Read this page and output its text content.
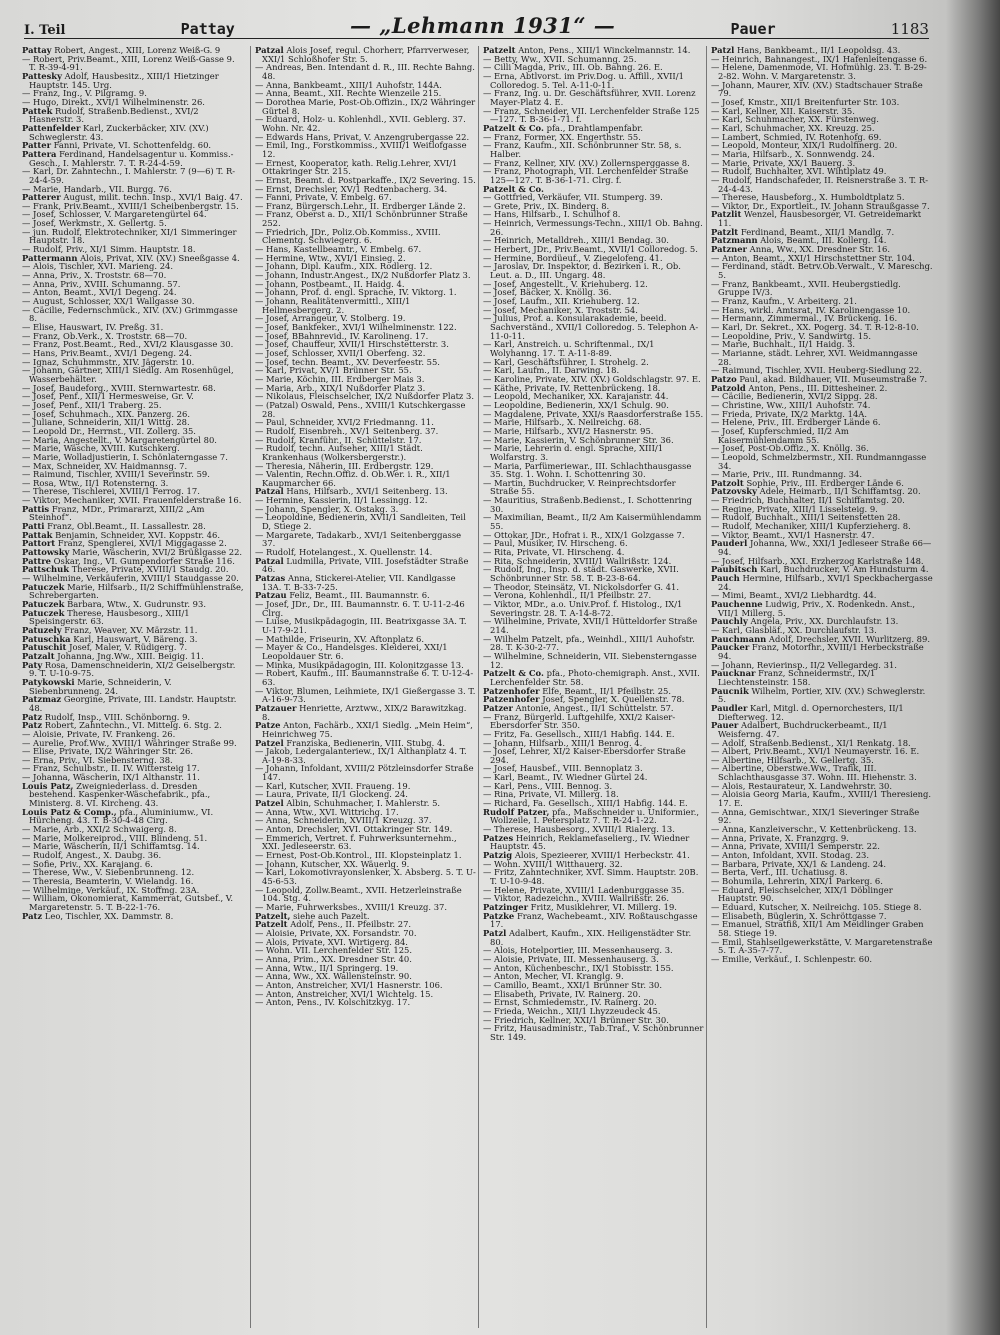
I. Teil	Pattay	— „Lehmann 1931“ —	Pauer	1183

Pattay Robert, Angest., XIII, Lorenz Weiß-G. 9

— Robert, Priv.Beamt., XIII, Lorenz Weiß-Gasse 9. T. R-39-4-91.

Pattesky Adolf, Hausbesitz., XIII/1 Hietzinger Hauptstr. 145. Urg.

— Franz, Ing., V. Pilgramg. 9.

— Hugo, Direkt., XVI/1 Wilhelminenstr. 26.

Pattek Rudolf, Straßenb.Bedienst., XVI/2 Hasnerstr. 3.

Pattenfelder Karl, Zuckerbäcker, XIV. (XV.) Schweglerstr. 43.

Patter Fanni, Private, VI. Schottenfeldg. 60.

Pattera Ferdinand, Handelsagentur u. Kommiss.-Gesch., I. Mahlerstr. 7. T. R-24-4-59.

— Karl, Dr. Zahntechn., I. Mahlerstr. 7 (9—6) T. R-24-4-59.

— Marie, Handarb., VII. Burgg. 76.

Patterer August, milit. techn. Insp., XVI/1 Baig. 47.

— Frank, Priv.Beamt., XVIII/1 Scheibenbergstr. 15.

— Josef, Schlosser, V. Margaretengürtel 64.

— Josef, Werkmstr., X. Gellertg. 5.

— jun. Rudolf, Elektrotechniker, XI/1 Simmeringer Hauptstr. 18.

— Rudolf, Priv., XI/1 Simm. Hauptstr. 18.

Pattermann Alois, Privat, XIV. (XV.) Sneeßgasse 4.

— Alois, Tischler, XVI. Marieng. 24.

— Anna, Priv., X. Troststr. 68—70.

— Anna, Priv., XVIII. Schumanng. 57.

— Anton, Beamt., XVI/1 Degeng. 24.

— August, Schlosser, XX/1 Wallgasse 30.

— Cäcilie, Federnschmück., XIV. (XV.) Grimmgasse 8.

— Elise, Hauswart, IV. Preßg. 31.

— Franz, Ob.Verk., X. Troststr. 68—70.

— Franz, Post.Beamt., Red., XVI/2 Klausgasse 30.

— Hans, Priv.Beamt., XVI/1 Degeng. 24.

— Ignaz, Schuhmmstr., XIV. Jägerstr. 10.

— Johann, Gärtner, XIII/1 Siedlg. Am Rosenhügel, Wasserbehälter.

— Josef, Baudeforg., XVIII. Sternwartestr. 68.

— Josef, Penf., XII/1 Hermesweise, Gr. V.

— Josef, Penf., XII/1 Traberg. 25.

— Josef, Schuhmach., XIX. Panzerg. 26.

— Juliane, Schneiderin, XII/1 Wittg. 28.

— Leopold Dr., Herrnst., VII. Zollerg. 35.

— Maria, Angestellt., V. Margaretengürtel 80.

— Marie, Wäsche, XVIII. Kutschkerg.

— Marie, Wolladjustierin, I. Schönlaterngasse 7.

— Max, Schneider, XV. Haidmannsg. 7.

— Raimund, Tischler, XVIII/1 Severinstr. 59.

— Rosa, Wtw., II/1 Rotensterng. 3.

— Therese, Tischlerei, XVIII/1 Ferrog. 17.

— Viktor, Mechaniker, XVII. Frauenfelderstraße 16.

Pattis Franz, MDr., Primararzt, XIII/2 „Am Steinhof“.

Patti Franz, Obl.Beamt., II. Lassallestr. 28.

Pattak Benjamin, Schneider, XVI. Koppstr. 46.

Pattort Franz, Spenglerei, XVI/1 Miggagasse 2.

Pattowsky Marie, Wäscherin, XVI/2 Brüßlgasse 22.

Pattre Oskar, Ing., VI. Gumpendorfer Straße 116.

Pattschuk Therese, Private, XVIII/1 Staudg. 20.

— Wilhelmine, Verkäuferin, XVIII/1 Staudgasse 20.

Patuczek Marie, Hilfsarb., II/2 Schiffmühlenstraße, Schrebergarten.

Patuczek Barbara, Wtw., X. Gudrunstr. 93.

Patuczek Therese, Hausbesorg., XIII/1 Speisingerstr. 63.

Patuzely Franz, Weaver, XV. Märzstr. 11.

Patuschka Karl, Hauswart, V. Bäreng. 3.

Patuschit Josef, Maler, V. Rüdigerg. 7.

Patzalt Johanna, Jng.Ww., XIII. Beigig. 11.

Paty Rosa, Damenschneiderin, XI/2 Geiselbergstr. 9. T. U-10-9-75.

Patykowski Marie, Schneiderin, V. Siebenbrunneng. 24.

Patzmaz Georgine, Private, III. Landstr. Hauptstr. 48.

Patz Rudolf, Insp., VIII. Schönborng. 9.

Patz Robert, Zahntechn., VI. Mittelg. 6. Stg. 2.

— Aloisie, Private, IV. Frankeng. 26.

— Aurelie, Prof.Ww., XVIII/1 Währinger Straße 99.

— Elise, Private, IX/2 Währinger Str. 26.

— Erna, Priv., VI. Siebensterng. 38.

— Franz, Schulbstr., II. IV. Wittersteig 17.

— Johanna, Wäscherin, IX/1 Althanstr. 11.

Louis Patz, Zweigniederlass. d. Dresden bestehend. Kaspenker-Wäschefabrik., pfa., Ministerg. 8. VI. Kircheng. 43.

Louis Patz & Comp., pfa., Aluminiumw., VI. Hürcheng. 43. T. B-30-4-48 Cirg.

— Marie, Arb., XXI/2 Schwaigerg. 8.

— Marie, Molkereiprod., VIII. Blindeng. 51.

— Marie, Wäscherin, II/1 Schiffamtsg. 14.

— Rudolf, Angest., X. Daubg. 36.

— Sofie, Priv., XX. Karajang. 6.

— Therese, Ww., V. Siebenbrunneng. 12.

— Theresia, Beamterin, V. Wielandg. 16.

— Wilhelmine, Verkäuf., IX. Stoffmg. 23A.

— William, Ökonomierat, Kammerrat, Gutsbef., V. Margaretenstr. 5. T. B-22-1-76.

Patz Leo, Tischler, XX. Dammstr. 8.

Patzal Alois Josef, regul. Chorherr, Pfarrverweser, XXI/1 Schloßhofer Str. 5.

— Andreas, Ben. Intendant d. R., III. Rechte Bahng. 48.

— Anna, Bankbeamt., XIII/1 Auhofstr. 144A.

— Anna, Beamt., XII. Rechte Wienzeile 215.

— Dorothea Marie, Post-Ob.Offizin., IX/2 Währinger Gürtel 8.

— Eduard, Holz- u. Kohlenhdl., XVII. Geblerg. 37. Wohn. Nr. 42.

— Edwards Hans, Privat, V. Anzengrubergasse 22.

— Emil, Ing., Forstkommiss., XVIII/1 Weitlofgasse 12.

— Ernest, Kooperator, kath. Relig.Lehrer, XVI/1 Ottakringer Str. 215.

— Ernst, Beamt. d. Postparkaffe., IX/2 Severing. 15.

— Ernst, Drechsler, XV/1 Redtenbacherg. 34.

— Fanni, Private, V. Embelg. 67.

— Franz, Bürgersch.Lehr., II. Erdberger Lände 2.

— Franz, Oberst a. D., XII/1 Schönbrunner Straße 252.

— Friedrich, JDr., Poliz.Ob.Kommiss., XVIII. Clementg. Schwiegerg. 6.

— Hans, Kastellbeamtr., V. Embelg. 67.

— Hermine, Wtw., XVI/1 Einsieg. 2.

— Johann, Dipl. Kaufm., XIX. Rodlerg. 12.

— Johann, Industr.Angest., IX/2 Nußdorfer Platz 3.

— Johann, Postbeamt., II. Haidg. 4.

— Johann, Prof. d. engl. Sprache, IV. Viktorg. 1.

— Johann, Realitätenvermittl., XIII/1 Hellmesbergerg. 2.

— Josef, Arrangeur, V. Stolberg. 19.

— Josef, Bankfeker., XVI/1 Wilhelminenstr. 122.

— Josef, BBahnrevid., IV. Karolineng. 17.

— Josef, Chauffeur, XVII/1 Hirschstetterstr. 3.

— Josef, Schlosser, XVII/1 Oberfeng. 32.

— Josef, techn. Beamt., XV. Deverfeestr. 55.

— Karl, Privat, XV/1 Brünner Str. 55.

— Marie, Köchin, III. Erdberger Mais 3.

— Maria, Arb., XIX/1 Nußdorfer Platz 3.

— Nikolaus, Fleischselcher, IX/2 Nußdorfer Platz 3.

— (Patzal) Oswald, Pens., XVIII/1 Kutschkergasse 28.

— Paul, Schneider, XVI/2 Friedmanng. 11.

— Rudolf, Eisenbreh., XV/1 Seitenberg. 37.

— Rudolf, Kranführ., II. Schüttelstr. 17.

— Rudolf, techn. Aufseher, XIII/1 Städt. Krankenhaus (Wolkersbergerstr.).

— Theresia, Näherin, III. Erdbergstr. 129.

— Valentin, Rechn.Offiz. d. Ob.Wer. i. R., XII/1 Kaupmarcher 66.

Patzal Hans, Hilfsarb., XVI/1 Seitenberg. 13.

— Hermine, Kassierin, II/1 Lessingg. 12.

— Johann, Spengler, X. Ostakg. 3.

— Leopoldine, Bedienerin, XVII/1 Sandleiten, Teil D, Stiege 2.

— Margarete, Tadakarb., XVI/1 Seitenberggasse 37.

— Rudolf, Hotelangest., X. Quellenstr. 14.

Patzal Ludmilla, Private, VIII. Josefstädter Straße 46.

Patzas Anna, Stickerei-Atelier, VII. Kandlgasse 13A. T. B-33-7-25.

Patzau Feliz, Beamt., III. Baumannstr. 6.

— Josef, JDr., Dr., III. Baumannstr. 6. T. U-11-2-46 Clrg.

— Luise, Musikpädagogin, III. Beatrixgasse 3A. T. U-17-9-21.

— Mathilde, Friseurin, XV. Aftonplatz 6.

— Mayer & Co., Handelsges. Kleiderei, XXI/1 Leopoldauer Str. 6.

— Minka, Musikpädagogin, III. Kolonitzgasse 13.

— Robert, Kaufm., III. Baumannstraße 6. T. U-12-4-63.

— Viktor, Blumen, Leihmiete, IX/1 Gießergasse 3. T. A-16-9-73.

Patzauer Henriette, Arztww., XIX/2 Barawitzkag. 8.

Patze Anton, Fachärb., XXI/1 Siedlg. „Mein Heim“, Heinrichweg 75.

Patzel Franziska, Bedienerin, VIII. Stubg. 4.

— Jakob, Ledergalanteriew., IX/1 Althanplatz 4. T. A-19-8-33.

— Johann, Infoldant, XVIII/2 Pötzleinsdorfer Straße 147.

— Karl, Kutscher, XVII. Fraueng. 19.

— Laura, Private, II/1 Glockeng. 24.

Patzel Albin, Schuhmacher, I. Mahlerstr. 5.

— Anna, Wtw., XVI. Wittrichg. 17.

— Anna, Schneiderin, XVIII/1 Kreuzg. 37.

— Anton, Drechsler, XVI. Ottakringer Str. 149.

— Emmerich, Vertret. f. Fuhrwerksunternehm., XXI. Jedleseerstr. 63.

— Ernest, Post-Ob.Kontrol., III. Klopsteinplatz 1.

— Johann, Kutscher, XX. Wäuerlg. 9.

— Karl, Lokomotivrayonslenker, X. Absberg. 5. T. U-45-6-53.

— Leopold, Zollw.Beamt., XVII. Hetzerleinstraße 104. Stg. 4.

— Marie, Fuhrwerksbes., XVIII/1 Kreuzg. 37.

Patzelt, siehe auch Pazelt.

Patzelt Adolf, Pens., II. Pfeilbstr. 27.

— Aloisie, Private, XX. Forsandstr. 70.

— Alois, Private, XVI. Wirtigerg. 84.

— Wohn. VII. Lerchenfelder Str. 125.

— Anna, Prim., XX. Dresdner Str. 40.

— Anna, Wtw., II/1 Springerg. 19.

— Anna, Ww., XX. Wallensteinstr. 90.

— Anton, Anstreicher, XVI/1 Hasnerstr. 106.

— Anton, Anstreicher, XVI/1 Wichtelg. 15.

— Anton, Pens., IV. Kolschitzkyg. 17.

Patzelt Anton, Pens., XIII/1 Winckelmannstr. 14.

— Betty, Ww., XVII. Schumanng. 25.

— Cilli Magda, Priv., III. Ob. Bahng. 26. E.

— Erna, Abtlvorst. im Priv.Dog. u. Affill., XVII/1 Colloredog. 5. Tel. A-11-0-11.

— Franz, Ing. u. Dr. Geschäftsführer, XVII. Lorenz Mayer-Platz 4. E.

— Franz, Schneider, VII. Lerchenfelder Straße 125—127. T. B-36-1-71. f.

Patzelt & Co. pfa., Drahtlampenfabr.

— Franz, Former, XX. Engerthstr. 55.

— Franz, Kaufm., XII. Schönbrunner Str. 58, s. Halber.

— Franz, Kellner, XIV. (XV.) Zollernsperggasse 8.

— Franz, Photograph, VII. Lerchenfelder Straße 125—127. T. B-36-1-71. Clrg. f.

Patzelt & Co.

— Gottfried, Verkäufer, VII. Stumperg. 39.

— Grete, Priv., IX. Binderg. 8.

— Hans, Hilfsarb., I. Schulhof 8.

— Heinrich, Vermessungs-Techn., XIII/1 Ob. Bahng. 26.

— Heinrich, Metalldreh., XIII/1 Bendag. 30.

— Herbert, JDr., Priv.Beamt., XVII/1 Colloredog. 5.

— Hermine, Bordüeuf., V. Ziegelofeng. 41.

— Jaroslav, Dr. Inspektor, d. Bezirken i. R., Ob. Leut. a. D., III. Ungarg. 48.

— Josef, Angestellt., V. Kriehuberg. 12.

— Josef, Bäcker, X. Knöllg. 36.

— Josef, Laufm., XII. Kriehuberg. 12.

— Josef, Mechaniker, X. Troststr. 54.

— Julius, Prof. a. Konsularakademie, beeid. Sachverständ., XVII/1 Colloredog. 5. Telephon A-11-0-11.

— Karl, Anstreich. u. Schriftenmal., IX/1 Wolyhanng. 17. T. A-11-8-89.

— Karl, Geschäftsführer, I. Strohelg. 2.

— Karl, Laufm., II. Darwing. 18.

— Karoline, Private, XIV. (XV.) Goldschlagstr. 97. E.

— Käthe, Private, IV. Rettenbrückeng. 18.

— Leopold, Mechaniker, XX. Karajanstr. 44.

— Leopoldine, Bedienerin, XX/1 Schulg. 90.

— Magdalene, Private, XXI/s Raasdorferstraße 155.

— Marie, Hilfsarb., X. Neilreichg. 68.

— Marie, Hilfsarb., XVI/2 Hasnerstr. 95.

— Marie, Kassierin, V. Schönbrunner Str. 36.

— Marie, Lehrerin d. engl. Sprache, XIII/1 Wolfarstrg. 3.

— Maria, Parfümeriewar., III. Schlachthausgasse 35. Stg. 1. Wohn. I. Schottenring 30.

— Martin, Buchdrucker, V. Reinprechtsdorfer Straße 55.

— Mauritius, Straßenb.Bedienst., I. Schottenring 30.

— Maximilian, Beamt., II/2 Am Kaisermühlendamm 55.

— Ottokar, JDr., Hofrat i. R., XIX/1 Golzgasse 7.

— Paul, Musiker, IV. Hirscheng. 6.

— Rita, Private, VI. Hirscheng. 4.

— Rita, Schneiderin, XVIII/1 Wallrißstr. 124.

— Rudolf, Ing., Insp. d. städt. Gaswerke, XVII. Schönbrunner Str. 58. T. B-23-8-64.

— Theodor, Steinsätz, VI. Nickolsdorfer G. 41.

— Verona, Kohlenhdl., II/1 Pfeilbstr. 27.

— Viktor, MDr., a.o. Univ.Prof. f. Histolog., IX/1 Severingstr. 28. T. A-14-8-72.

— Wilhelmine, Private, XVII/1 Hütteldorfer Straße 214.

— Wilhelm Patzelt, pfa., Weinhdl., XIII/1 Auhofstr. 28. T. K-30-2-77.

— Wilhelmine, Schneiderin, VII. Siebensterngasse 12.

Patzelt & Co. pfa., Photo-chemigraph. Anst., XVII. Lerchenfelder Str. 58.

Patzenhofer Elfe, Beamt., II/1 Pfeilbstr. 25.

Patzenhofer Josef, Spengler, X. Quellenstr. 78.

Patzer Antonie, Angest., II/1 Schüttelstr. 57.

— Franz, Bürgerld. Luftgehilfe, XXI/2 Kaiser-Ebersdorfer Str. 350.

— Fritz, Fa. Gesellsch., XIII/1 Habfig. 144. E.

— Johann, Hilfsarb., XIII/1 Benrog. 4.

— Josef, Lehrer, XI/2 Kaiser-Ebersdorfer Straße 294.

— Josef, Hausbef., VIII. Bennoplatz 3.

— Karl, Beamt., IV. Wiedner Gürtel 24.

— Karl, Pens., VIII. Bennog. 3.

— Rina, Private, VI. Millerg. 18.

— Richard, Fa. Gesellsch., XIII/1 Habfig. 144. E.

Rudolf Patzer, pfa., Maßschneider u. Uniformier., Wollzeile, I. Petersplatz 7. T. R-24-1-22.

— Therese, Hausbesorg., XVIII/1 Rialerg. 13.

Patzes Heinrich, Reklamefaselierg., IV. Wiedner Hauptstr. 45.

Patzig Alois, Spezieerer, XVIII/1 Herbeckstr. 41.

— Wohn. XVIII/1 Witthauerg. 32.

— Fritz, Zahntechniker, XVI. Simm. Hauptstr. 20B. T. U-10-9-48.

— Helene, Private, XVIII/1 Ladenburggasse 35.

— Viktor, Radezeichn., XVIII. Wallrißstr. 26.

Patzinger Fritz, Musiklehrer, VI. Millerg. 19.

Patzke Franz, Wachebeamt., XIV. Roßtauschgasse 17.

Patzl Adalbert, Kaufm., XIX. Heiligenstädter Str. 80.

— Alois, Hotelportier, III. Messenhauserg. 3.

— Aloisie, Private, III. Messenhauserg. 3.

— Anton, Küchenbeschr., IX/1 Stobisstr. 155.

— Anton, Mecher, VI. Kranglg. 9.

— Camillo, Beamt., XXI/1 Brünner Str. 30.

— Elisabeth, Private, IV. Rainerg. 20.

— Ernst, Schmiedemstr., IV. Rainerg. 20.

— Frieda, Weichn., XII/1 Lhyzzeudeck 45.

— Friedrich, Kellner, XXI/1 Brünner Str. 30.

— Fritz, Hausadministr., Tab.Traf., V. Schönbrunner Str. 149.

Patzl Hans, Bankbeamt., II/1 Leopoldsg. 43.

— Heinrich, Bahnangest., IX/1 Hafenleitengasse 6.

— Helene, Damenmode, VI. Hofmühlg. 23. T. B-29-2-82. Wohn. V. Margaretenstr. 3.

— Johann, Maurer, XIV. (XV.) Stadtschauer Straße 79.

— Josef, Kmstr., XII/1 Breitenfurter Str. 103.

— Karl, Kellner, XII. Kaiserstr. 35.

— Karl, Schuhmacher, XX. Fürstenweg.

— Karl, Schuhmacher, XX. Kreuzg. 25.

— Lambert, Schmied, IV. Rotenhofg. 69.

— Leopold, Monteur, XIX/1 Rudolfinerg. 20.

— Maria, Hilfsarb., X. Sonnwendg. 24.

— Marie, Private, XX/1 Bauerg. 3.

— Rudolf, Buchhalter, XVI. Wihtlplatz 49.

— Rudolf, Handschafeder, II. Reisnerstraße 3. T. R-24-4-43.

— Therese, Hausbeforg., X. Humboldtplatz 5.

— Viktor, Dr., Exportleit., IV. Johann Straußgasse 7.

Patzlit Wenzel, Hausbesorger, VI. Getreidemarkt 11.

Patzlt Ferdinand, Beamt., XII/1 Mandlg. 7.

Patzmann Alois, Beamt., III. Kollerg. 14.

Patzner Anna, Ww., XX. Dresdner Str. 16.

— Anton, Beamt., XXI/1 Hirschstettner Str. 104.

— Ferdinand, städt. Betrv.Ob.Verwalt., V. Mareschg. 5.

— Franz, Bankbeamt., XVII. Heubergstiedlg. Gruppe IV/3.

— Franz, Kaufm., V. Arbeiterg. 21.

— Hans, wirkl. Amtsrat, IV. Karolinengasse 10.

— Hermann, Zimmermal., IV. Brückeng. 16.

— Karl, Dr. Sekret., XX. Pogerg. 34. T. R-12-8-10.

— Leopoldine, Priv., V. Sandwirtg. 15.

— Marie, Buchhalt., II/1 Haidg. 3.

— Marianne, städt. Lehrer, XVI. Weidmanngasse 28.

— Raimund, Tischler, XVII. Heuberg-Siedlung 22.

Patzo Paul, akad. Bildhauer, VII. Museumstraße 7.

Patzold Anton, Pens., III. Dittesheiner. 2.

— Cäcilie, Bedienerin, XVI/2 Sippg. 28.

— Christine, Ww., XIII/1 Auhofstr. 74.

— Frieda, Private, IX/2 Marktg. 14A.

— Helene, Priv., III. Erdberger Lände 6.

— Josef, Kupferschmied, II/2 Am Kaisermühlendamm 55.

— Josef, Post-Ob.Offiz., X. Knöllg. 36.

— Leopold, Schmelzbermstr., XII. Rundmanngasse 34.

— Marie, Priv., III. Rundmanng. 34.

Patzolt Sophie, Priv., III. Erdberger Lände 6.

Patzovsky Adele, Heimarb., II/1 Schiffamtsg. 20.

— Friedrich, Buchhalter, II/1 Schiffamtsg. 20.

— Regine, Private, XIII/1 Lisselsteig. 9.

— Rudolf, Buchhalt., XIII/1 Seitenstetten 28.

— Rudolf, Mechaniker, XIII/1 Kupferzieherg. 8.

— Viktor, Beamt., XVI/1 Hasnerstr. 47.

Pauderl Johanna, Ww., XXI/1 Jedleseer Straße 66—94.

— Josef, Hilfsarb., XXI. Erzherzog Karlstraße 148.

Paubitsch Karl, Buchdrucker, V. Am Hundsturm 4.

Pauch Hermine, Hilfsarb., XVI/1 Speckbachergasse 24.

— Mimi, Beamt., XVI/2 Liebhardtg. 44.

Pauchenne Ludwig, Priv., X. Rodenkedn. Anst., VII/1 Millerg. 5.

Pauchly Angela, Priv., XX. Durchlaufstr. 13.

— Karl, Glasbläf., XX. Durchlaufstr. 13.

Pauchmann Adolf, Drechsler, XVII. Wurlitzerg. 89.

Paucker Franz, Motorfhr., XVIII/1 Herbeckstraße 94.

— Johann, Revierinsp., II/2 Vellegardeg. 31.

Paucknar Franz, Schneidermstr., IX/1 Liechtensteinstr. 158.

Paucnik Wilhelm, Portier, XIV. (XV.) Schweglerstr. 5.

Paudler Karl, Mitgl. d. Opernorchesters, II/1 Diefterweg. 12.

Pauer Adalbert, Buchdruckerbeamt., II/1 Weisferng. 47.

— Adolf, Straßenb.Bedienst., XI/1 Renkatg. 18.

— Albert, Priv.Beamt., XVI/1 Neumayerstr. 16. E.

— Albertine, Hilfsarb., X. Gellertg. 35.

— Albertine, Oberstwe.Ww., Trafik, III. Schlachthausgasse 37. Wohn. III. Hiehenstr. 3.

— Alois, Restaurateur, X. Landwehrstr. 30.

— Aloisia Georg Maria, Kaufm., XVIII/1 Theresieng. 17. E.

— Anna, Gemischtwar., XIX/1 Sieveringer Straße 92.

— Anna, Kanzleiverschr., V. Kettenbrückeng. 13.

— Anna, Private, X. Franzgrg. 9.

— Anna, Private, XVIII/1 Semperstr. 22.

— Anton, Infoldant, XVII. Stodag. 23.

— Barbara, Private, XX/1 & Landeng. 24.

— Berta, Verf., III. Uchatiusg. 8.

— Bohumila, Lehrerin, XIX/1 Parkerg. 6.

— Eduard, Fleischselcher, XIX/1 Döblinger Hauptstr. 90.

— Eduard, Kutscher, X. Neilreichg. 105. Stiege 8.

— Elisabeth, Büglerin, X. Schröttgasse 7.

— Emanuel, Stratfiß, XII/1 Am Meidlinger Graben 58. Stiege 19.

— Emil, Stahlseilgewerkstätte, V. Margaretenstraße 5. T. A-35-7-77.

— Emilie, Verkäuf., I. Schlenpestr. 60.
